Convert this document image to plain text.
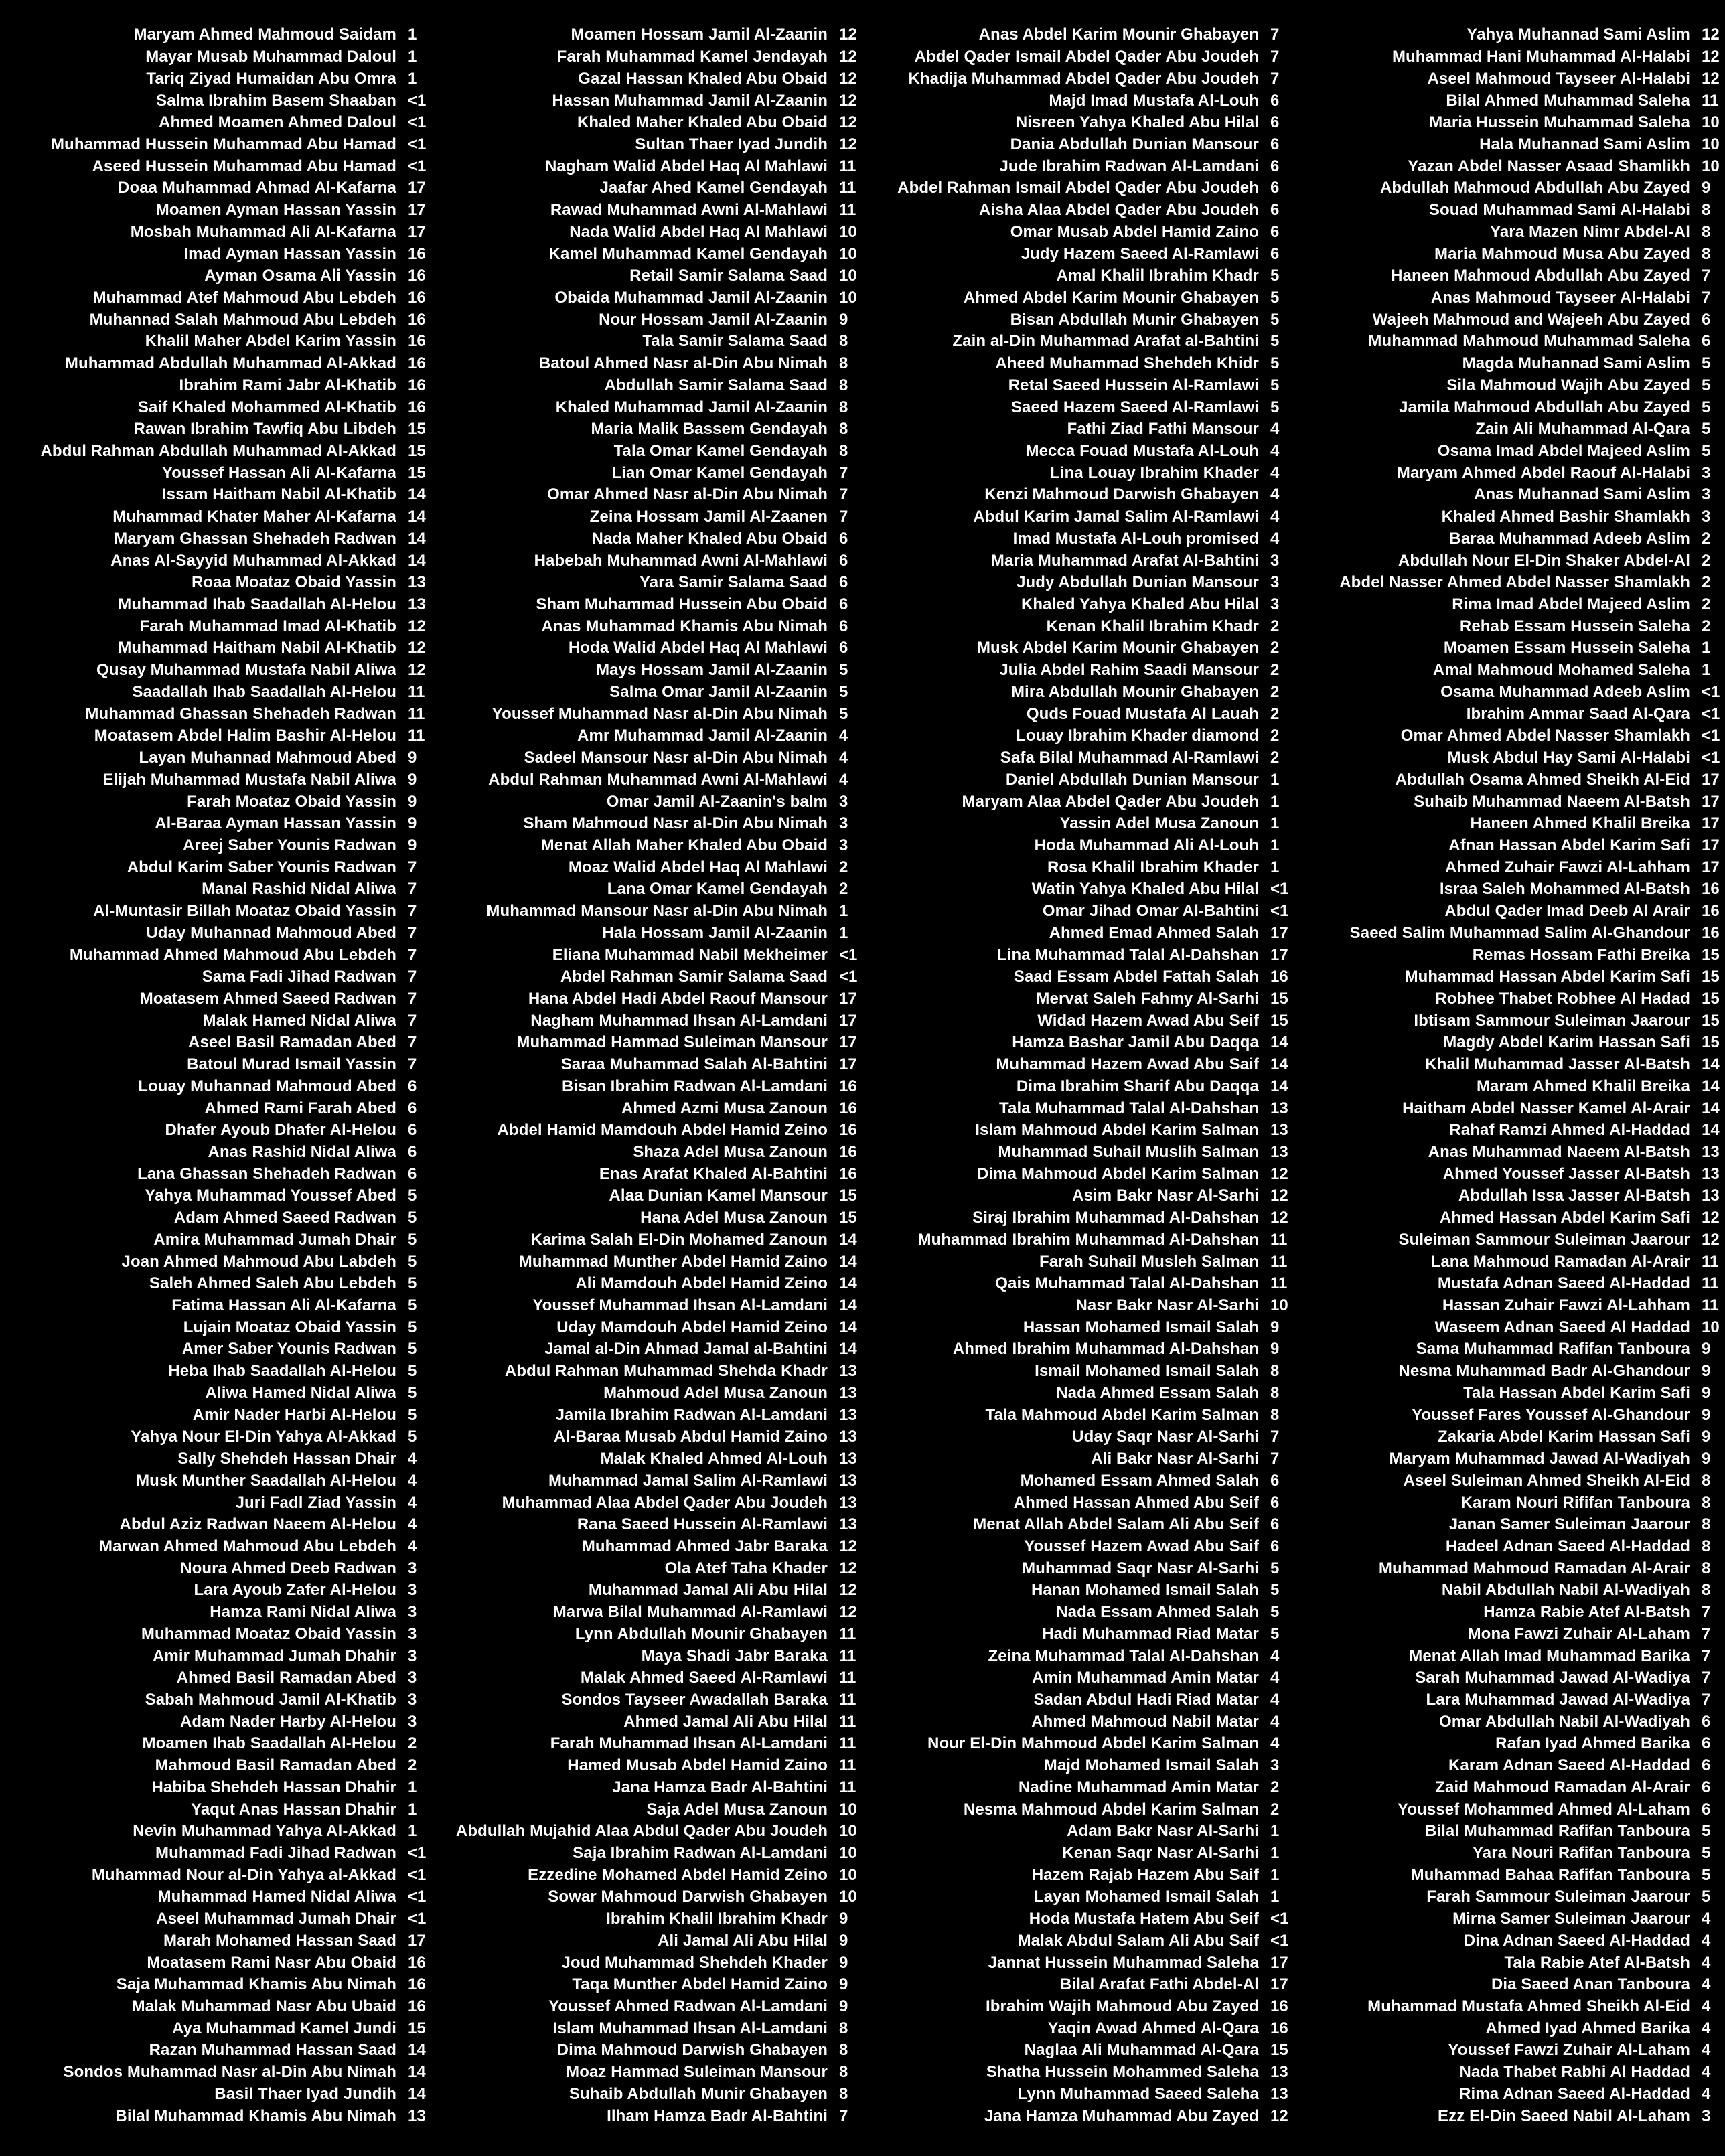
Maryam Ahmed Mahmoud Saidam 1
Mayar Musab Muhammad Daloul 1
Tariq Ziyad Humaidan Abu Omra 1
Salma Ibrahim Basem Shaaban <1
Ahmed Moamen Ahmed Daloul <1
Muhammad Hussein Muhammad Abu Hamad <1
Aseed Hussein Muhammad Abu Hamad <1
Doaa Muhammad Ahmad Al-Kafarna 17
Moamen Ayman Hassan Yassin 17
Mosbah Muhammad Ali Al-Kafarna 17
Imad Ayman Hassan Yassin 16
Ayman Osama Ali Yassin 16
Muhammad Atef Mahmoud Abu Lebdeh 16
Muhannad Salah Mahmoud Abu Lebdeh 16
Khalil Maher Abdel Karim Yassin 16
Muhammad Abdullah Muhammad Al-Akkad 16
Ibrahim Rami Jabr Al-Khatib 16
Saif Khaled Mohammed Al-Khatib 16
Rawan Ibrahim Tawfiq Abu Libdeh 15
Abdul Rahman Abdullah Muhammad Al-Akkad 15
Youssef Hassan Ali Al-Kafarna 15
Issam Haitham Nabil Al-Khatib 14
Muhammad Khater Maher Al-Kafarna 14
Maryam Ghassan Shehadeh Radwan 14
Anas Al-Sayyid Muhammad Al-Akkad 14
Roaa Moataz Obaid Yassin 13
Muhammad Ihab Saadallah Al-Helou 13
Farah Muhammad Imad Al-Khatib 12
Muhammad Haitham Nabil Al-Khatib 12
Qusay Muhammad Mustafa Nabil Aliwa 12
Saadallah Ihab Saadallah Al-Helou 11
Muhammad Ghassan Shehadeh Radwan 11
Moatasem Abdel Halim Bashir Al-Helou 11
Layan Muhannad Mahmoud Abed 9
Elijah Muhammad Mustafa Nabil Aliwa 9
Farah Moataz Obaid Yassin 9
Al-Baraa Ayman Hassan Yassin 9
Areej Saber Younis Radwan 9
Abdul Karim Saber Younis Radwan 7
Manal Rashid Nidal Aliwa 7
Al-Muntasir Billah Moataz Obaid Yassin 7
Uday Muhannad Mahmoud Abed 7
Muhammad Ahmed Mahmoud Abu Lebdeh 7
Sama Fadi Jihad Radwan 7
Moatasem Ahmed Saeed Radwan 7
Malak Hamed Nidal Aliwa 7
Aseel Basil Ramadan Abed 7
Batoul Murad Ismail Yassin 7
Louay Muhannad Mahmoud Abed 6
Ahmed Rami Farah Abed 6
Dhafer Ayoub Dhafer Al-Helou 6
Anas Rashid Nidal Aliwa 6
Lana Ghassan Shehadeh Radwan 6
Yahya Muhammad Youssef Abed 5
Adam Ahmed Saeed Radwan 5
Amira Muhammad Jumah Dhair 5
Joan Ahmed Mahmoud Abu Labdeh 5
Saleh Ahmed Saleh Abu Lebdeh 5
Fatima Hassan Ali Al-Kafarna 5
Lujain Moataz Obaid Yassin 5
Amer Saber Younis Radwan 5
Heba Ihab Saadallah Al-Helou 5
Aliwa Hamed Nidal Aliwa 5
Amir Nader Harbi Al-Helou 5
Yahya Nour El-Din Yahya Al-Akkad 5
Sally Shehdeh Hassan Dhair 4
Musk Munther Saadallah Al-Helou 4
Juri Fadl Ziad Yassin 4
Abdul Aziz Radwan Naeem Al-Helou 4
Marwan Ahmed Mahmoud Abu Lebdeh 4
Noura Ahmed Deeb Radwan 3
Lara Ayoub Zafer Al-Helou 3
Hamza Rami Nidal Aliwa 3
Muhammad Moataz Obaid Yassin 3
Amir Muhammad Jumah Dhahir 3
Ahmed Basil Ramadan Abed 3
Sabah Mahmoud Jamil Al-Khatib 3
Adam Nader Harby Al-Helou 3
Moamen Ihab Saadallah Al-Helou 2
Mahmoud Basil Ramadan Abed 2
Habiba Shehdeh Hassan Dhahir 1
Yaqut Anas Hassan Dhahir 1
Nevin Muhammad Yahya Al-Akkad 1
Muhammad Fadi Jihad Radwan <1
Muhammad Nour al-Din Yahya al-Akkad <1
Muhammad Hamed Nidal Aliwa <1
Aseel Muhammad Jumah Dhair <1
Marah Mohamed Hassan Saad 17
Moatasem Rami Nasr Abu Obaid 16
Saja Muhammad Khamis Abu Nimah 16
Malak Muhammad Nasr Abu Ubaid 16
Aya Muhammad Kamel Jundi 15
Razan Muhammad Hassan Saad 14
Sondos Muhammad Nasr al-Din Abu Nimah 14
Basil Thaer Iyad Jundih 14
Bilal Muhammad Khamis Abu Nimah 13
Moamen Hossam Jamil Al-Zaanin 12
Farah Muhammad Kamel Jendayah 12
Gazal Hassan Khaled Abu Obaid 12
Hassan Muhammad Jamil Al-Zaanin 12
Khaled Maher Khaled Abu Obaid 12
Sultan Thaer Iyad Jundih 12
Nagham Walid Abdel Haq Al Mahlawi 11
Jaafar Ahed Kamel Gendayah 11
Rawad Muhammad Awni Al-Mahlawi 11
Nada Walid Abdel Haq Al Mahlawi 10
Kamel Muhammad Kamel Gendayah 10
Retail Samir Salama Saad 10
Obaida Muhammad Jamil Al-Zaanin 10
Nour Hossam Jamil Al-Zaanin 9
Tala Samir Salama Saad 8
Batoul Ahmed Nasr al-Din Abu Nimah 8
Abdullah Samir Salama Saad 8
Khaled Muhammad Jamil Al-Zaanin 8
Maria Malik Bassem Gendayah 8
Tala Omar Kamel Gendayah 8
Lian Omar Kamel Gendayah 7
Omar Ahmed Nasr al-Din Abu Nimah 7
Zeina Hossam Jamil Al-Zaanen 7
Nada Maher Khaled Abu Obaid 6
Habebah Muhammad Awni Al-Mahlawi 6
Yara Samir Salama Saad 6
Sham Muhammad Hussein Abu Obaid 6
Anas Muhammad Khamis Abu Nimah 6
Hoda Walid Abdel Haq Al Mahlawi 6
Mays Hossam Jamil Al-Zaanin 5
Salma Omar Jamil Al-Zaanin 5
Youssef Muhammad Nasr al-Din Abu Nimah 5
Amr Muhammad Jamil Al-Zaanin 4
Sadeel Mansour Nasr al-Din Abu Nimah 4
Abdul Rahman Muhammad Awni Al-Mahlawi 4
Omar Jamil Al-Zaanin's balm 3
Sham Mahmoud Nasr al-Din Abu Nimah 3
Menat Allah Maher Khaled Abu Obaid 3
Moaz Walid Abdel Haq Al Mahlawi 2
Lana Omar Kamel Gendayah 2
Muhammad Mansour Nasr al-Din Abu Nimah 1
Hala Hossam Jamil Al-Zaanin 1
Eliana Muhammad Nabil Mekheimer <1
Abdel Rahman Samir Salama Saad <1
Hana Abdel Hadi Abdel Raouf Mansour 17
Nagham Muhammad Ihsan Al-Lamdani 17
Muhammad Hammad Suleiman Mansour 17
Saraa Muhammad Salah Al-Bahtini 17
Bisan Ibrahim Radwan Al-Lamdani 16
Ahmed Azmi Musa Zanoun 16
Abdel Hamid Mamdouh Abdel Hamid Zeino 16
Shaza Adel Musa Zanoun 16
Enas Arafat Khaled Al-Bahtini 16
Alaa Dunian Kamel Mansour 15
Hana Adel Musa Zanoun 15
Karima Salah El-Din Mohamed Zanoun 14
Muhammad Munther Abdel Hamid Zaino 14
Ali Mamdouh Abdel Hamid Zeino 14
Youssef Muhammad Ihsan Al-Lamdani 14
Uday Mamdouh Abdel Hamid Zeino 14
Jamal al-Din Ahmad Jamal al-Bahtini 14
Abdul Rahman Muhammad Shehda Khadr 13
Mahmoud Adel Musa Zanoun 13
Jamila Ibrahim Radwan Al-Lamdani 13
Al-Baraa Musab Abdul Hamid Zaino 13
Malak Khaled Ahmed Al-Louh 13
Muhammad Jamal Salim Al-Ramlawi 13
Muhammad Alaa Abdel Qader Abu Joudeh 13
Rana Saeed Hussein Al-Ramlawi 13
Muhammad Ahmed Jabr Baraka 12
Ola Atef Taha Khader 12
Muhammad Jamal Ali Abu Hilal 12
Marwa Bilal Muhammad Al-Ramlawi 12
Lynn Abdullah Mounir Ghabayen 11
Maya Shadi Jabr Baraka 11
Malak Ahmed Saeed Al-Ramlawi 11
Sondos Tayseer Awadallah Baraka 11
Ahmed Jamal Ali Abu Hilal 11
Farah Muhammad Ihsan Al-Lamdani 11
Hamed Musab Abdel Hamid Zaino 11
Jana Hamza Badr Al-Bahtini 11
Saja Adel Musa Zanoun 10
Abdullah Mujahid Alaa Abdul Qader Abu Joudeh 10
Saja Ibrahim Radwan Al-Lamdani 10
Ezzedine Mohamed Abdel Hamid Zeino 10
Sowar Mahmoud Darwish Ghabayen 10
Ibrahim Khalil Ibrahim Khadr 9
Ali Jamal Ali Abu Hilal 9
Joud Muhammad Shehdeh Khader 9
Taqa Munther Abdel Hamid Zaino 9
Youssef Ahmed Radwan Al-Lamdani 9
Islam Muhammad Ihsan Al-Lamdani 8
Dima Mahmoud Darwish Ghabayen 8
Moaz Hammad Suleiman Mansour 8
Suhaib Abdullah Munir Ghabayen 8
Ilham Hamza Badr Al-Bahtini 7
Anas Abdel Karim Mounir Ghabayen 7
Abdel Qader Ismail Abdel Qader Abu Joudeh 7
Khadija Muhammad Abdel Qader Abu Joudeh 7
Majd Imad Mustafa Al-Louh 6
Nisreen Yahya Khaled Abu Hilal 6
Dania Abdullah Dunian Mansour 6
Jude Ibrahim Radwan Al-Lamdani 6
Abdel Rahman Ismail Abdel Qader Abu Joudeh 6
Aisha Alaa Abdel Qader Abu Joudeh 6
Omar Musab Abdel Hamid Zaino 6
Judy Hazem Saeed Al-Ramlawi 6
Amal Khalil Ibrahim Khadr 5
Ahmed Abdel Karim Mounir Ghabayen 5
Bisan Abdullah Munir Ghabayen 5
Zain al-Din Muhammad Arafat al-Bahtini 5
Aheed Muhammad Shehdeh Khidr 5
Retal Saeed Hussein Al-Ramlawi 5
Saeed Hazem Saeed Al-Ramlawi 5
Fathi Ziad Fathi Mansour 4
Mecca Fouad Mustafa Al-Louh 4
Lina Louay Ibrahim Khader 4
Kenzi Mahmoud Darwish Ghabayen 4
Abdul Karim Jamal Salim Al-Ramlawi 4
Imad Mustafa Al-Louh promised 4
Maria Muhammad Arafat Al-Bahtini 3
Judy Abdullah Dunian Mansour 3
Khaled Yahya Khaled Abu Hilal 3
Kenan Khalil Ibrahim Khadr 2
Musk Abdel Karim Mounir Ghabayen 2
Julia Abdel Rahim Saadi Mansour 2
Mira Abdullah Mounir Ghabayen 2
Quds Fouad Mustafa Al Lauah 2
Louay Ibrahim Khader diamond 2
Safa Bilal Muhammad Al-Ramlawi 2
Daniel Abdullah Dunian Mansour 1
Maryam Alaa Abdel Qader Abu Joudeh 1
Yassin Adel Musa Zanoun 1
Hoda Muhammad Ali Al-Louh 1
Rosa Khalil Ibrahim Khader 1
Watin Yahya Khaled Abu Hilal <1
Omar Jihad Omar Al-Bahtini <1
Ahmed Emad Ahmed Salah 17
Lina Muhammad Talal Al-Dahshan 17
Saad Essam Abdel Fattah Salah 16
Mervat Saleh Fahmy Al-Sarhi 15
Widad Hazem Awad Abu Seif 15
Hamza Bashar Jamil Abu Daqqa 14
Muhammad Hazem Awad Abu Saif 14
Dima Ibrahim Sharif Abu Daqqa 14
Tala Muhammad Talal Al-Dahshan 13
Islam Mahmoud Abdel Karim Salman 13
Muhammad Suhail Muslih Salman 13
Dima Mahmoud Abdel Karim Salman 12
Asim Bakr Nasr Al-Sarhi 12
Siraj Ibrahim Muhammad Al-Dahshan 12
Muhammad Ibrahim Muhammad Al-Dahshan 11
Farah Suhail Musleh Salman 11
Qais Muhammad Talal Al-Dahshan 11
Nasr Bakr Nasr Al-Sarhi 10
Hassan Mohamed Ismail Salah 9
Ahmed Ibrahim Muhammad Al-Dahshan 9
Ismail Mohamed Ismail Salah 8
Nada Ahmed Essam Salah 8
Tala Mahmoud Abdel Karim Salman 8
Uday Saqr Nasr Al-Sarhi 7
Ali Bakr Nasr Al-Sarhi 7
Mohamed Essam Ahmed Salah 6
Ahmed Hassan Ahmed Abu Seif 6
Menat Allah Abdel Salam Ali Abu Seif 6
Youssef Hazem Awad Abu Saif 6
Muhammad Saqr Nasr Al-Sarhi 5
Hanan Mohamed Ismail Salah 5
Nada Essam Ahmed Salah 5
Hadi Muhammad Riad Matar 5
Zeina Muhammad Talal Al-Dahshan 4
Amin Muhammad Amin Matar 4
Sadan Abdul Hadi Riad Matar 4
Ahmed Mahmoud Nabil Matar 4
Nour El-Din Mahmoud Abdel Karim Salman 4
Majd Mohamed Ismail Salah 3
Nadine Muhammad Amin Matar 2
Nesma Mahmoud Abdel Karim Salman 2
Adam Bakr Nasr Al-Sarhi 1
Kenan Saqr Nasr Al-Sarhi 1
Hazem Rajab Hazem Abu Saif 1
Layan Mohamed Ismail Salah 1
Hoda Mustafa Hatem Abu Seif <1
Malak Abdul Salam Ali Abu Saif <1
Jannat Hussein Muhammad Saleha 17
Bilal Arafat Fathi Abdel-Al 17
Ibrahim Wajih Mahmoud Abu Zayed 16
Yaqin Awad Ahmed Al-Qara 16
Naglaa Ali Muhammad Al-Qara 15
Shatha Hussein Mohammed Saleha 13
Lynn Muhammad Saeed Saleha 13
Jana Hamza Muhammad Abu Zayed 12
Yahya Muhannad Sami Aslim 12
Muhammad Hani Muhammad Al-Halabi 12
Aseel Mahmoud Tayseer Al-Halabi 12
Bilal Ahmed Muhammad Saleha 11
Maria Hussein Muhammad Saleha 10
Hala Muhannad Sami Aslim 10
Yazan Abdel Nasser Asaad Shamlikh 10
Abdullah Mahmoud Abdullah Abu Zayed 9
Souad Muhammad Sami Al-Halabi 8
Yara Mazen Nimr Abdel-Al 8
Maria Mahmoud Musa Abu Zayed 8
Haneen Mahmoud Abdullah Abu Zayed 7
Anas Mahmoud Tayseer Al-Halabi 7
Wajeeh Mahmoud and Wajeeh Abu Zayed 6
Muhammad Mahmoud Muhammad Saleha 6
Magda Muhannad Sami Aslim 5
Sila Mahmoud Wajih Abu Zayed 5
Jamila Mahmoud Abdullah Abu Zayed 5
Zain Ali Muhammad Al-Qara 5
Osama Imad Abdel Majeed Aslim 5
Maryam Ahmed Abdel Raouf Al-Halabi 3
Anas Muhannad Sami Aslim 3
Khaled Ahmed Bashir Shamlakh 3
Baraa Muhammad Adeeb Aslim 2
Abdullah Nour El-Din Shaker Abdel-Al 2
Abdel Nasser Ahmed Abdel Nasser Shamlakh 2
Rima Imad Abdel Majeed Aslim 2
Rehab Essam Hussein Saleha 2
Moamen Essam Hussein Saleha 1
Amal Mahmoud Mohamed Saleha 1
Osama Muhammad Adeeb Aslim <1
Ibrahim Ammar Saad Al-Qara <1
Omar Ahmed Abdel Nasser Shamlakh <1
Musk Abdul Hay Sami Al-Halabi <1
Abdullah Osama Ahmed Sheikh Al-Eid 17
Suhaib Muhammad Naeem Al-Batsh 17
Haneen Ahmed Khalil Breika 17
Afnan Hassan Abdel Karim Safi 17
Ahmed Zuhair Fawzi Al-Lahham 17
Israa Saleh Mohammed Al-Batsh 16
Abdul Qader Imad Deeb Al Arair 16
Saeed Salim Muhammad Salim Al-Ghandour 16
Remas Hossam Fathi Breika 15
Muhammad Hassan Abdel Karim Safi 15
Robhee Thabet Robhee Al Hadad 15
Ibtisam Sammour Suleiman Jaarour 15
Magdy Abdel Karim Hassan Safi 15
Khalil Muhammad Jasser Al-Batsh 14
Maram Ahmed Khalil Breika 14
Haitham Abdel Nasser Kamel Al-Arair 14
Rahaf Ramzi Ahmed Al-Haddad 14
Anas Muhammad Naeem Al-Batsh 13
Ahmed Youssef Jasser Al-Batsh 13
Abdullah Issa Jasser Al-Batsh 13
Ahmed Hassan Abdel Karim Safi 12
Suleiman Sammour Suleiman Jaarour 12
Lana Mahmoud Ramadan Al-Arair 11
Mustafa Adnan Saeed Al-Haddad 11
Hassan Zuhair Fawzi Al-Lahham 11
Waseem Adnan Saeed Al Haddad 10
Sama Muhammad Rafifan Tanboura 9
Nesma Muhammad Badr Al-Ghandour 9
Tala Hassan Abdel Karim Safi 9
Youssef Fares Youssef Al-Ghandour 9
Zakaria Abdel Karim Hassan Safi 9
Maryam Muhammad Jawad Al-Wadiyah 9
Aseel Suleiman Ahmed Sheikh Al-Eid 8
Karam Nouri Rififan Tanboura 8
Janan Samer Suleiman Jaarour 8
Hadeel Adnan Saeed Al-Haddad 8
Muhammad Mahmoud Ramadan Al-Arair 8
Nabil Abdullah Nabil Al-Wadiyah 8
Hamza Rabie Atef Al-Batsh 7
Mona Fawzi Zuhair Al-Laham 7
Menat Allah Imad Muhammad Barika 7
Sarah Muhammad Jawad Al-Wadiya 7
Lara Muhammad Jawad Al-Wadiya 7
Omar Abdullah Nabil Al-Wadiyah 6
Rafan Iyad Ahmed Barika 6
Karam Adnan Saeed Al-Haddad 6
Zaid Mahmoud Ramadan Al-Arair 6
Youssef Mohammed Ahmed Al-Laham 6
Bilal Muhammad Rafifan Tanboura 5
Yara Nouri Rafifan Tanboura 5
Muhammad Bahaa Rafifan Tanboura 5
Farah Sammour Suleiman Jaarour 5
Mirna Samer Suleiman Jaarour 4
Dina Adnan Saeed Al-Haddad 4
Tala Rabie Atef Al-Batsh 4
Dia Saeed Anan Tanboura 4
Muhammad Mustafa Ahmed Sheikh Al-Eid 4
Ahmed Iyad Ahmed Barika 4
Youssef Fawzi Zuhair Al-Laham 4
Nada Thabet Rabhi Al Haddad 4
Rima Adnan Saeed Al-Haddad 4
Ezz El-Din Saeed Nabil Al-Laham 3
